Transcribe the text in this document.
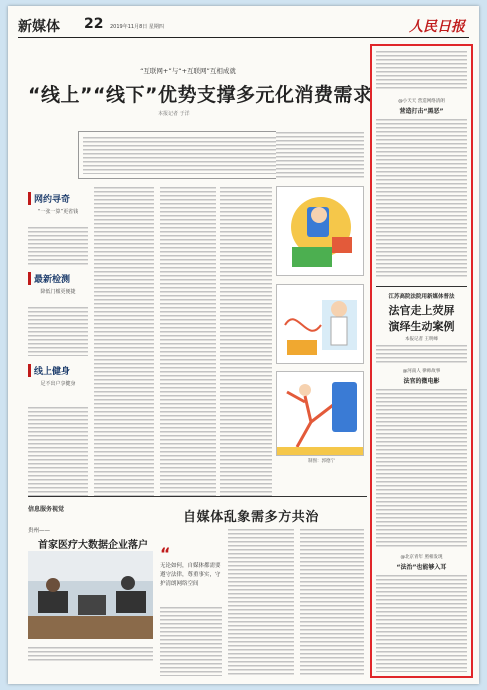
新媒体 22 2019年11月8日 星期四	人民日报
“互联网+”与“+互联网”互相成就
“线上”“线下”优势支撑多元化消费需求
本报记者 于洋
网约寻奇
“一张一算”更省钱
最新检测
降低门槛更便捷
线上健身
足不出户享健身
制图：郭德宁
信息服务视觉
贵州——
首家医疗大数据企业落户
自媒体乱象需多方共治
“
无论如何，自媒体都需要遵守法律，尊重事实，守护清朗网络空间
@小天天 营造网络清朗
营造打击“黑恶”
江苏高院法院用新媒体普法
法官走上荧屏
演绎生动案例
本报记者 王明峰
@河南人 律师故事
法官的微电影
@北京青年 照相发现
“法治”也能够入耳
